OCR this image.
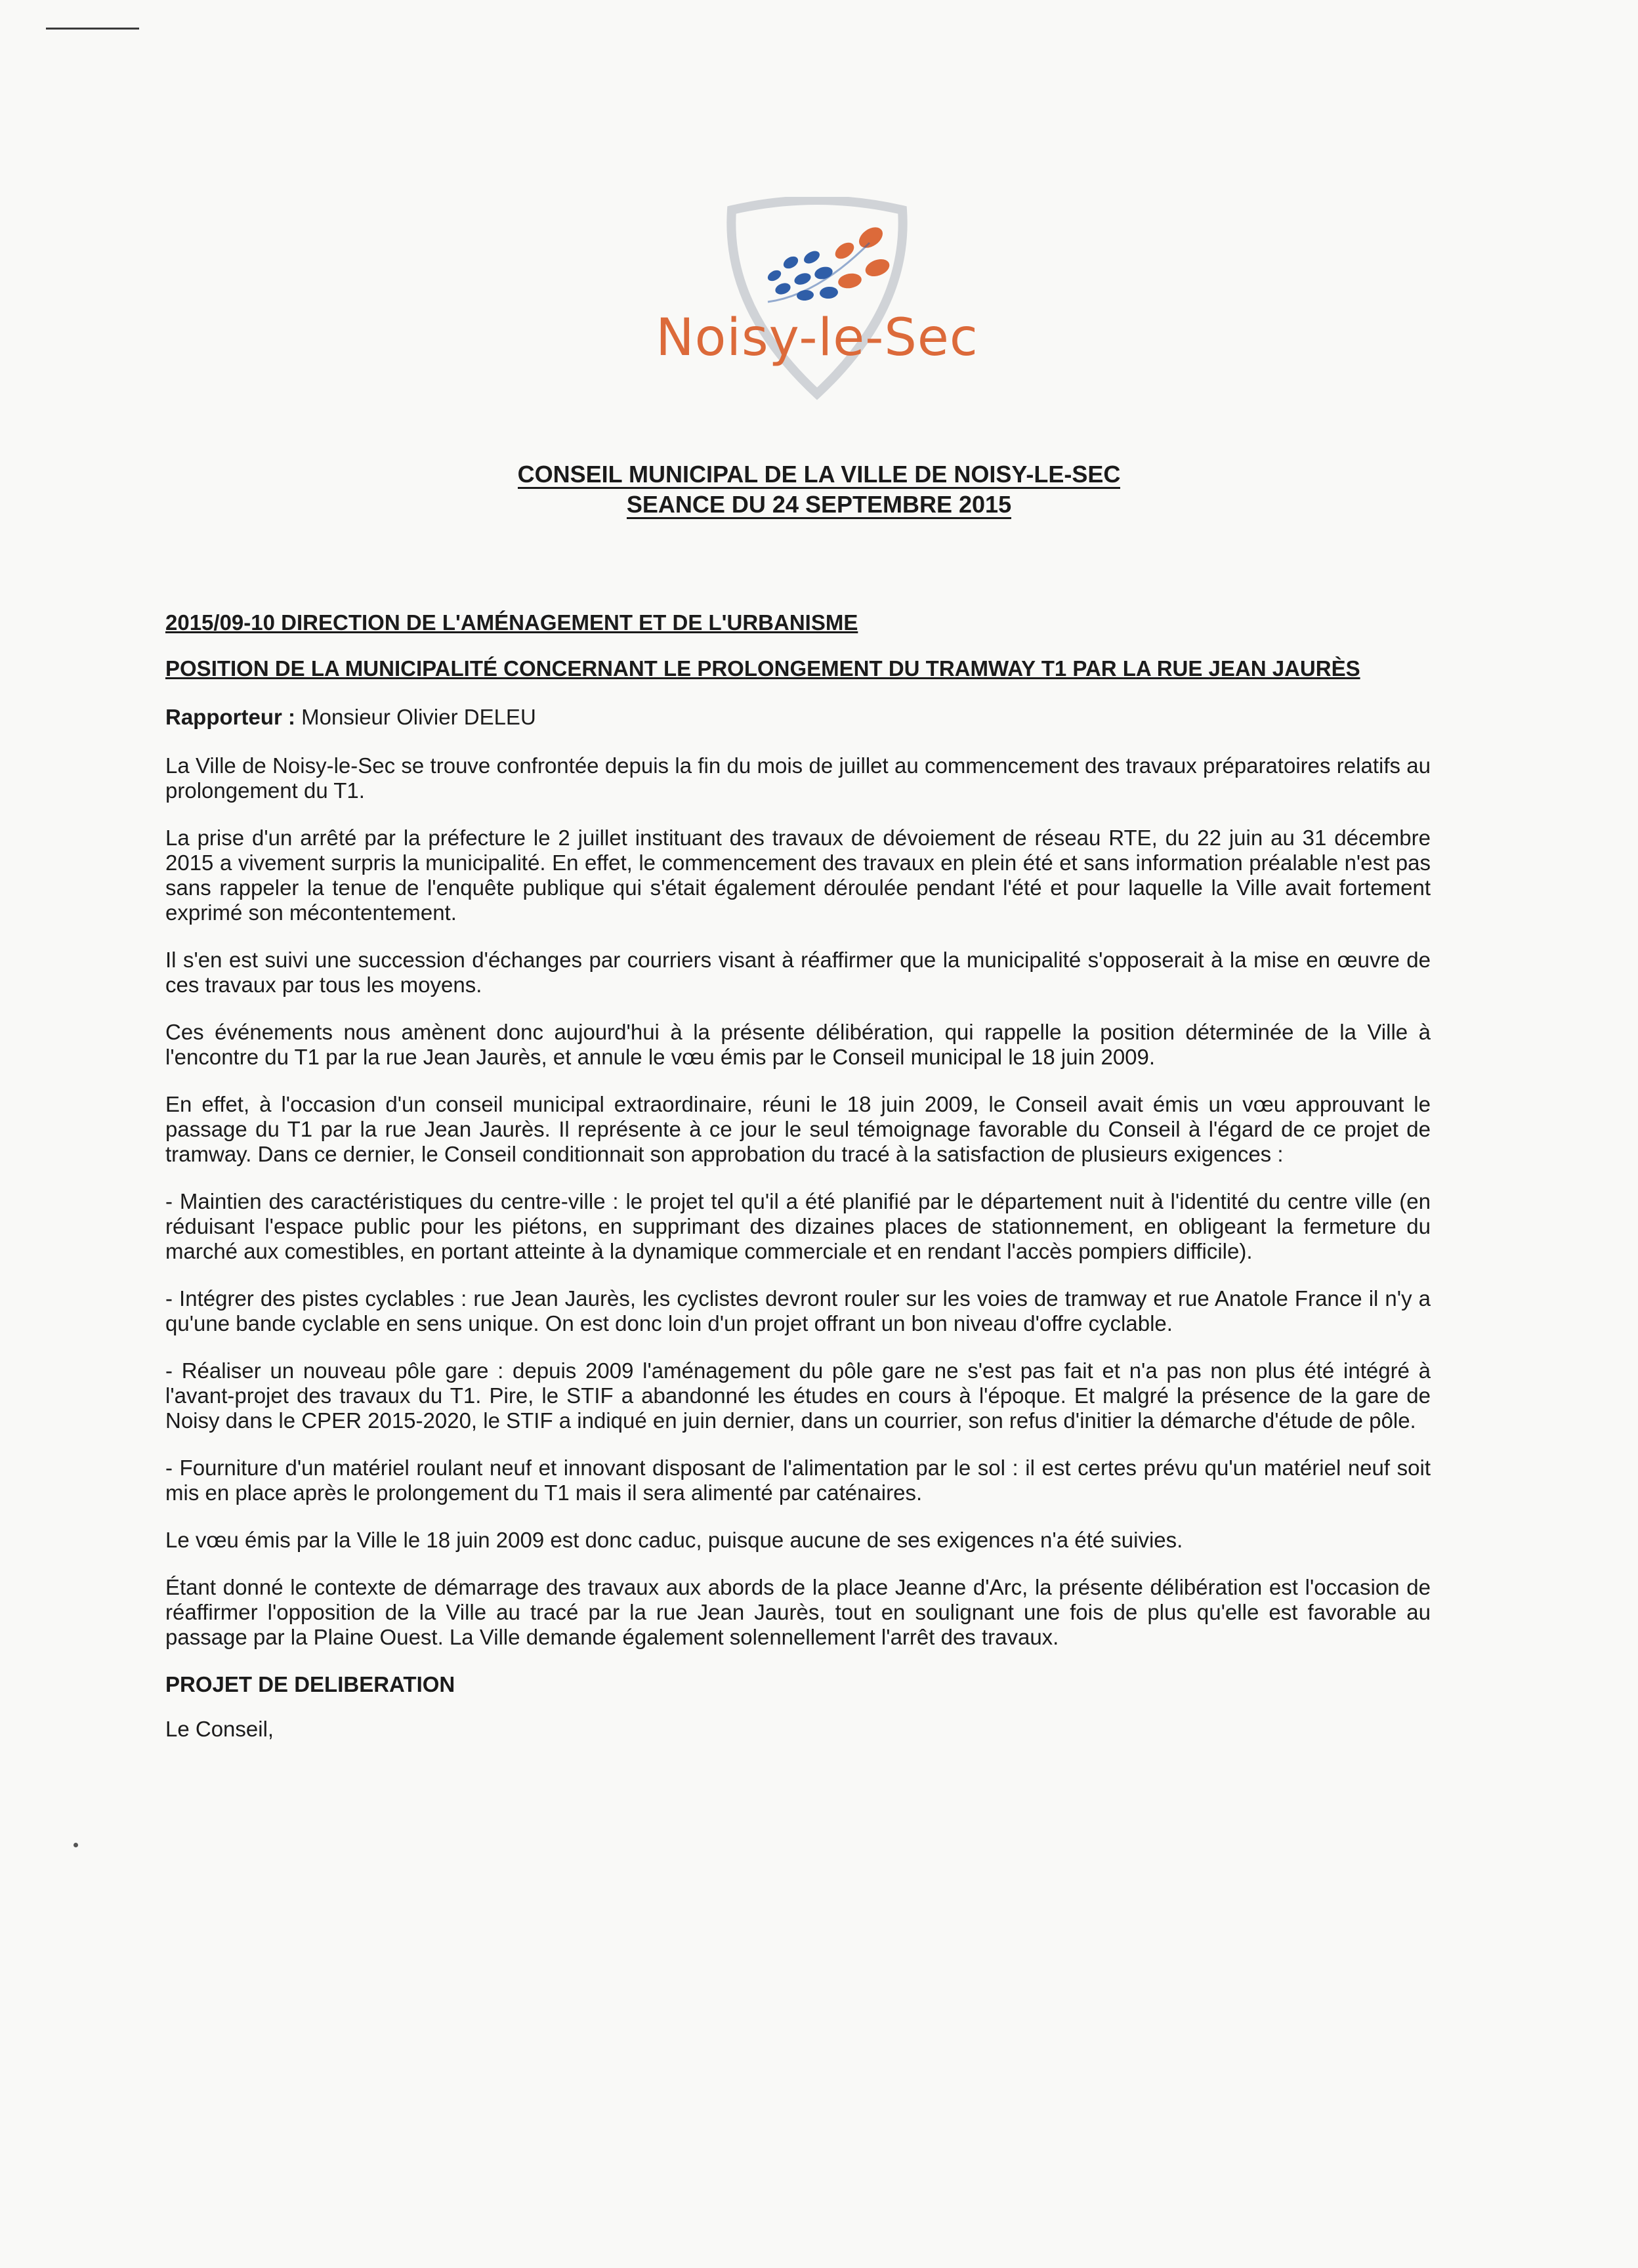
Noisy-le-Sec
CONSEIL MUNICIPAL DE LA VILLE DE NOISY-LE-SEC
SEANCE DU 24 SEPTEMBRE 2015

2015/09-10 DIRECTION DE L'AMÉNAGEMENT ET DE L'URBANISME

POSITION DE LA MUNICIPALITÉ CONCERNANT LE PROLONGEMENT DU TRAMWAY T1 PAR LA RUE JEAN JAURÈS

Rapporteur : Monsieur Olivier DELEU

La Ville de Noisy-le-Sec se trouve confrontée depuis la fin du mois de juillet au commencement des travaux préparatoires relatifs au prolongement du T1.

La prise d'un arrêté par la préfecture le 2 juillet instituant des travaux de dévoiement de réseau RTE, du 22 juin au 31 décembre 2015 a vivement surpris la municipalité. En effet, le commencement des travaux en plein été et sans information préalable n'est pas sans rappeler la tenue de l'enquête publique qui s'était également déroulée pendant l'été et pour laquelle la Ville avait fortement exprimé son mécontentement.

Il s'en est suivi une succession d'échanges par courriers visant à réaffirmer que la municipalité s'opposerait à la mise en œuvre de ces travaux par tous les moyens.

Ces événements nous amènent donc aujourd'hui à la présente délibération, qui rappelle la position déterminée de la Ville à l'encontre du T1 par la rue Jean Jaurès, et annule le vœu émis par le Conseil municipal le 18 juin 2009.

En effet, à l'occasion d'un conseil municipal extraordinaire, réuni le 18 juin 2009, le Conseil avait émis un vœu approuvant le passage du T1 par la rue Jean Jaurès. Il représente à ce jour le seul témoignage favorable du Conseil à l'égard de ce projet de tramway. Dans ce dernier, le Conseil conditionnait son approbation du tracé à la satisfaction de plusieurs exigences :

- Maintien des caractéristiques du centre-ville : le projet tel qu'il a été planifié par le département nuit à l'identité du centre ville (en réduisant l'espace public pour les piétons, en supprimant des dizaines places de stationnement, en obligeant la fermeture du marché aux comestibles, en portant atteinte à la dynamique commerciale et en rendant l'accès pompiers difficile).

- Intégrer des pistes cyclables : rue Jean Jaurès, les cyclistes devront rouler sur les voies de tramway et rue Anatole France il n'y a qu'une bande cyclable en sens unique. On est donc loin d'un projet offrant un bon niveau d'offre cyclable.

- Réaliser un nouveau pôle gare : depuis 2009 l'aménagement du pôle gare ne s'est pas fait et n'a pas non plus été intégré à l'avant-projet des travaux du T1. Pire, le STIF a abandonné les études en cours à l'époque. Et malgré la présence de la gare de Noisy dans le CPER 2015-2020, le STIF a indiqué en juin dernier, dans un courrier, son refus d'initier la démarche d'étude de pôle.

- Fourniture d'un matériel roulant neuf et innovant disposant de l'alimentation par le sol : il est certes prévu qu'un matériel neuf soit mis en place après le prolongement du T1 mais il sera alimenté par caténaires.

Le vœu émis par la Ville le 18 juin 2009 est donc caduc, puisque aucune de ses exigences n'a été suivies.

Étant donné le contexte de démarrage des travaux aux abords de la place Jeanne d'Arc, la présente délibération est l'occasion de réaffirmer l'opposition de la Ville au tracé par la rue Jean Jaurès, tout en soulignant une fois de plus qu'elle est favorable au passage par la Plaine Ouest. La Ville demande également solennellement l'arrêt des travaux.

PROJET DE DELIBERATION

Le Conseil,
